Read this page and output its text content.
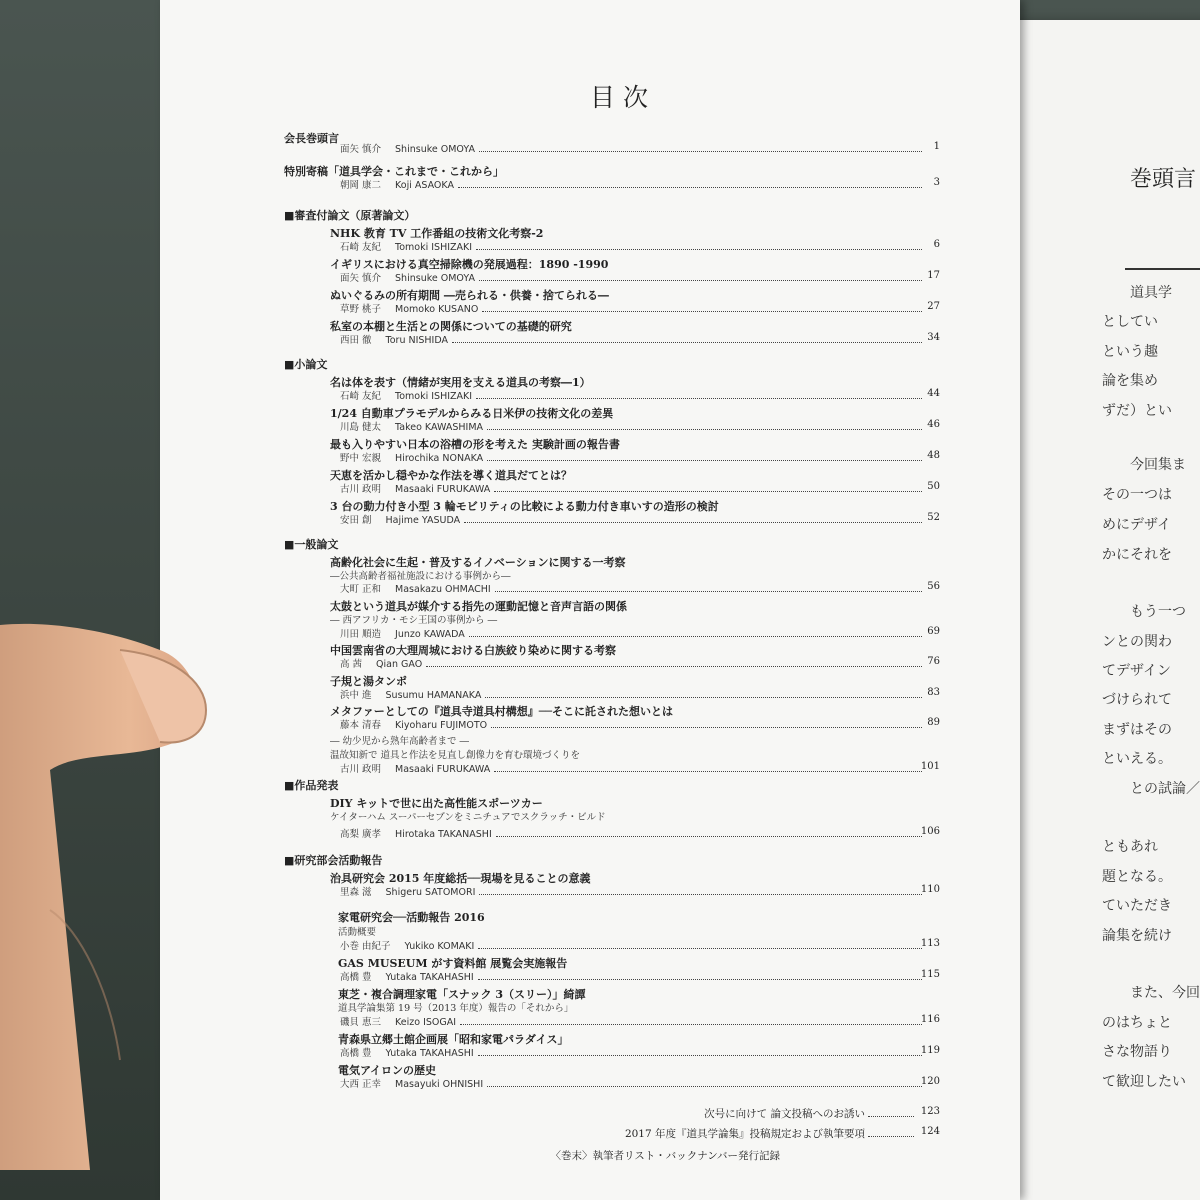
巻頭言
道具学
としてい
という趣
論を集め
ずだ）とい
今回集ま
その一つは
めにデザイ
かにそれを
もう一つ
ンとの関わ
てデザイン
づけられて
まずはその
といえる。
との試論／
ともあれ
題となる。
ていただき
論集を続け
また、今回
のはちょと
さな物語り
て歓迎したい
目次
会長巻頭言
面矢 慎介 Shinsuke OMOYA	1
特別寄稿「道具学会・これまで・これから」
朝岡 康二 Koji ASAOKA	3
■審査付論文（原著論文）
NHK 教育 TV 工作番組の技術文化考察-2
石崎 友紀 Tomoki ISHIZAKI	6
イギリスにおける真空掃除機の発展過程：1890 -1990
面矢 慎介 Shinsuke OMOYA	17
ぬいぐるみの所有期間 ―売られる・供養・捨てられる―
草野 桃子 Momoko KUSANO	27
私室の本棚と生活との関係についての基礎的研究
西田 徹 Toru NISHIDA	34
■小論文
名は体を表す（情緒が実用を支える道具の考察―1）
石崎 友紀 Tomoki ISHIZAKI	44
1/24 自動車プラモデルからみる日米伊の技術文化の差異
川島 健太 Takeo KAWASHIMA	46
最も入りやすい日本の浴槽の形を考えた 実験計画の報告書
野中 宏親 Hirochika NONAKA	48
天恵を活かし穏やかな作法を導く道具だてとは？
古川 政明 Masaaki FURUKAWA	50
3 台の動力付き小型 3 輪モビリティの比較による動力付き車いすの造形の検討
安田 創 Hajime YASUDA	52
■一般論文
高齢化社会に生起・普及するイノベーションに関する一考察
―公共高齢者福祉施設における事例から―
大町 正和 Masakazu OHMACHI	56
太鼓という道具が媒介する指先の運動記憶と音声言語の関係
― 西アフリカ・モシ王国の事例から ―
川田 順造 Junzo KAWADA	69
中国雲南省の大理周城における白族絞り染めに関する考察
高 茜 Qian GAO	76
子規と湯タンポ
浜中 進 Susumu HAMANAKA	83
メタファーとしての『道具寺道具村構想』──そこに託された想いとは
藤本 清春 Kiyoharu FUJIMOTO	89
― 幼少児から熟年高齢者まで ―
温故知新で 道具と作法を見直し創像力を育む環境づくりを
古川 政明 Masaaki FURUKAWA	101
■作品発表
DIY キットで世に出た高性能スポーツカー
ケイターハム スーパーセブンをミニチュアでスクラッチ・ビルド
高梨 廣孝 Hirotaka TAKANASHI	106
■研究部会活動報告
治具研究会 2015 年度総括──現場を見ることの意義
里森 滋 Shigeru SATOMORI	110
家電研究会──活動報告 2016
活動概要
小巻 由紀子 Yukiko KOMAKI	113
GAS MUSEUM がす資料館 展覧会実施報告
高橋 豊 Yutaka TAKAHASHI	115
東芝・複合調理家電「スナック 3（スリー）」綺譚
道具学論集第 19 号（2013 年度）報告の「それから」
磯貝 恵三 Keizo ISOGAI	116
青森県立郷土館企画展「昭和家電パラダイス」
高橋 豊 Yutaka TAKAHASHI	119
電気アイロンの歴史
大西 正幸 Masayuki OHNISHI	120
次号に向けて 論文投稿へのお誘い	123
2017 年度『道具学論集』投稿規定および執筆要項	124
〈巻末〉執筆者リスト・バックナンバー発行記録
